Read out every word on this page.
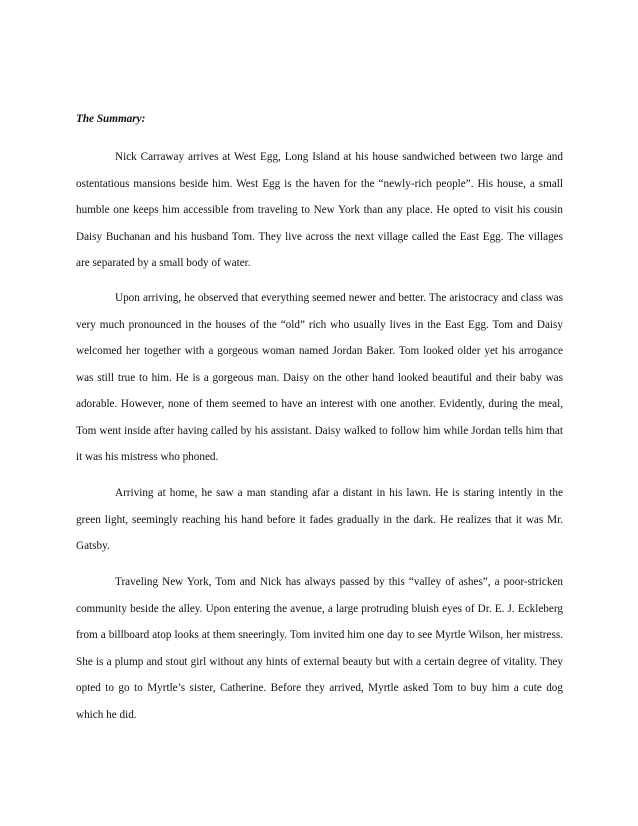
The Summary:

Nick Carraway arrives at West Egg, Long Island at his house sandwiched between two large and ostentatious mansions beside him. West Egg is the haven for the “newly-rich people”. His house, a small humble one keeps him accessible from traveling to New York than any place. He opted to visit his cousin Daisy Buchanan and his husband Tom. They live across the next village called the East Egg. The villages are separated by a small body of water.

Upon arriving, he observed that everything seemed newer and better. The aristocracy and class was very much pronounced in the houses of the “old” rich who usually lives in the East Egg. Tom and Daisy welcomed her together with a gorgeous woman named Jordan Baker. Tom looked older yet his arrogance was still true to him. He is a gorgeous man. Daisy on the other hand looked beautiful and their baby was adorable. However, none of them seemed to have an interest with one another. Evidently, during the meal, Tom went inside after having called by his assistant. Daisy walked to follow him while Jordan tells him that it was his mistress who phoned.

Arriving at home, he saw a man standing afar a distant in his lawn. He is staring intently in the green light, seemingly reaching his hand before it fades gradually in the dark. He realizes that it was Mr. Gatsby.

Traveling New York, Tom and Nick has always passed by this “valley of ashes”, a poor-stricken community beside the alley. Upon entering the avenue, a large protruding bluish eyes of Dr. E. J. Eckleberg from a billboard atop looks at them sneeringly. Tom invited him one day to see Myrtle Wilson, her mistress. She is a plump and stout girl without any hints of external beauty but with a certain degree of vitality. They opted to go to Myrtle’s sister, Catherine. Before they arrived, Myrtle asked Tom to buy him a cute dog which he did.
